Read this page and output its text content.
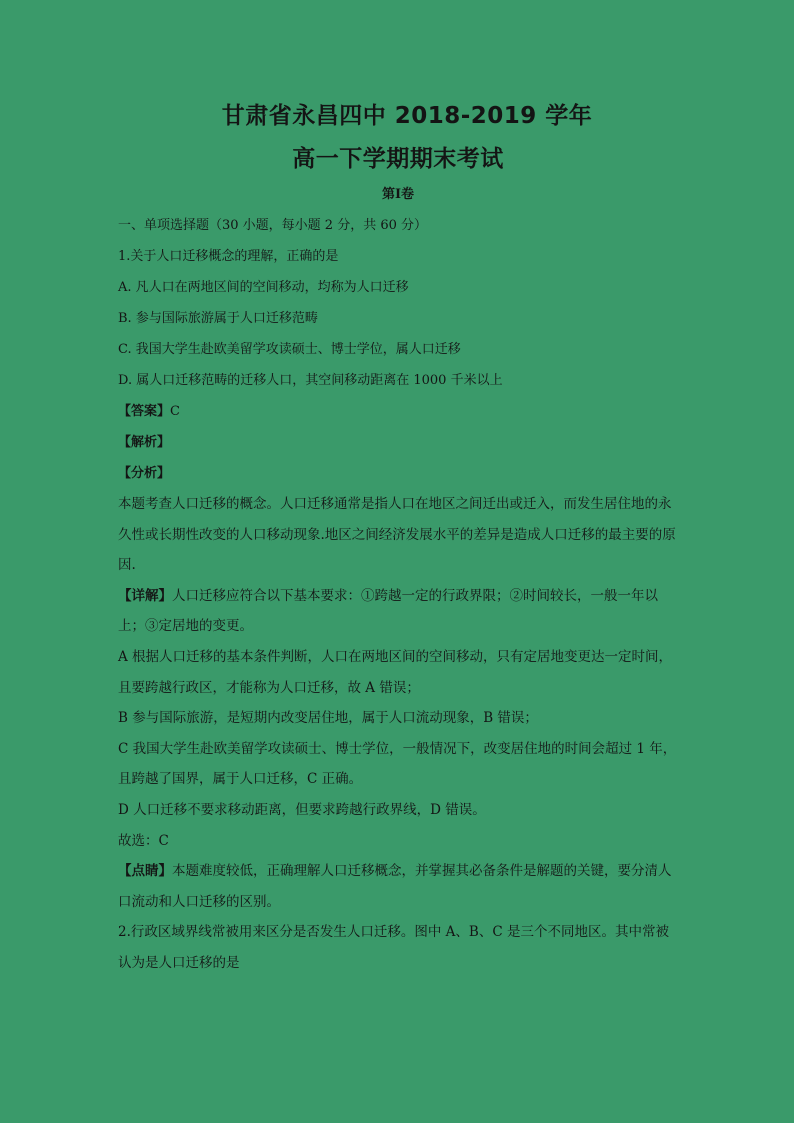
甘肃省永昌四中 2018-2019 学年
高一下学期期末考试
第Ⅰ卷

一、单项选择题（30 小题，每小题 2 分，共 60 分）

1.关于人口迁移概念的理解，正确的是

A. 凡人口在两地区间的空间移动，均称为人口迁移

B. 参与国际旅游属于人口迁移范畴

C. 我国大学生赴欧美留学攻读硕士、博士学位，属人口迁移

D. 属人口迁移范畴的迁移人口，其空间移动距离在 1000 千米以上

【答案】C

【解析】

【分析】

本题考查人口迁移的概念。人口迁移通常是指人口在地区之间迁出或迁入，而发生居住地的永久性或长期性改变的人口移动现象.地区之间经济发展水平的差异是造成人口迁移的最主要的原因.

【详解】人口迁移应符合以下基本要求：①跨越一定的行政界限；②时间较长，一般一年以上；③定居地的变更。

A 根据人口迁移的基本条件判断，人口在两地区间的空间移动，只有定居地变更达一定时间，且要跨越行政区，才能称为人口迁移，故 A 错误；

B 参与国际旅游，是短期内改变居住地，属于人口流动现象，B 错误；

C 我国大学生赴欧美留学攻读硕士、博士学位，一般情况下，改变居住地的时间会超过 1 年，且跨越了国界，属于人口迁移，C 正确。

D 人口迁移不要求移动距离，但要求跨越行政界线，D 错误。

故选：C

【点睛】本题难度较低，正确理解人口迁移概念，并掌握其必备条件是解题的关键，要分清人口流动和人口迁移的区别。

2.行政区域界线常被用来区分是否发生人口迁移。图中 A、B、C 是三个不同地区。其中常被认为是人口迁移的是
